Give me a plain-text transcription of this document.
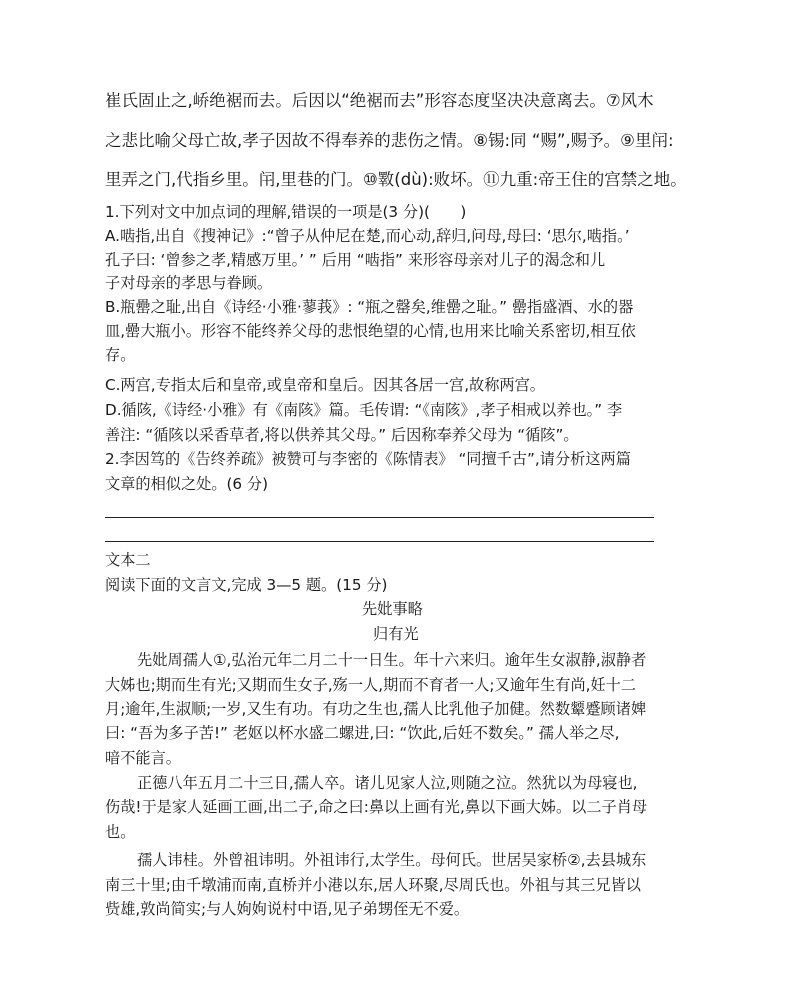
崔氏固止之,峤绝裾而去。后因以“绝裾而去”形容态度坚决决意离去。⑦风木
之悲比喻父母亡故,孝子因故不得奉养的悲伤之情。⑧锡:同 “赐”,赐予。⑨里闬:
里弄之门,代指乡里。闬,里巷的门。⑩斁(dù):败坏。⑪九重:帝王住的宫禁之地。
1.下列对文中加点词的理解,错误的一项是(3 分)(　　)
A.啮指,出自《搜神记》:“曾子从仲尼在楚,而心动,辞归,问母,母曰: ‘思尔,啮指。’
孔子曰: ‘曾参之孝,精感万里。’ ” 后用 “啮指” 来形容母亲对儿子的渴念和儿
子对母亲的孝思与眷顾。
B.瓶罍之耻,出自《诗经·小雅·蓼莪》: “瓶之罄矣,维罍之耻。” 罍指盛酒、水的器
皿,罍大瓶小。形容不能终养父母的悲恨绝望的心情,也用来比喻关系密切,相互依
存。
C.两宫,专指太后和皇帝,或皇帝和皇后。因其各居一宫,故称两宫。
D.循陔,《诗经·小雅》有《南陔》篇。毛传谓: “《南陔》,孝子相戒以养也。” 李
善注: “循陔以采香草者,将以供养其父母。” 后因称奉养父母为 “循陔”。
2.李因笃的《告终养疏》被赞可与李密的《陈情表》 “同擅千古”,请分析这两篇
文章的相似之处。(6 分)
文本二
阅读下面的文言文,完成 3—5 题。(15 分)
先妣事略
归有光
先妣周孺人①,弘治元年二月二十一日生。年十六来归。逾年生女淑静,淑静者
大姊也;期而生有光;又期而生女子,殇一人,期而不育者一人;又逾年生有尚,妊十二
月;逾年,生淑顺;一岁,又生有功。有功之生也,孺人比乳他子加健。然数颦蹙顾诸婢
曰: “吾为多子苦!” 老妪以杯水盛二螺进,曰: “饮此,后妊不数矣。” 孺人举之尽,
喑不能言。
正德八年五月二十三日,孺人卒。诸儿见家人泣,则随之泣。然犹以为母寝也,
伤哉!于是家人延画工画,出二子,命之曰:鼻以上画有光,鼻以下画大姊。以二子肖母
也。
孺人讳桂。外曾祖讳明。外祖讳行,太学生。母何氏。世居吴家桥②,去县城东
南三十里;由千墩浦而南,直桥并小港以东,居人环聚,尽周氏也。外祖与其三兄皆以
赀雄,敦尚简实;与人姁姁说村中语,见子弟甥侄无不爱。
